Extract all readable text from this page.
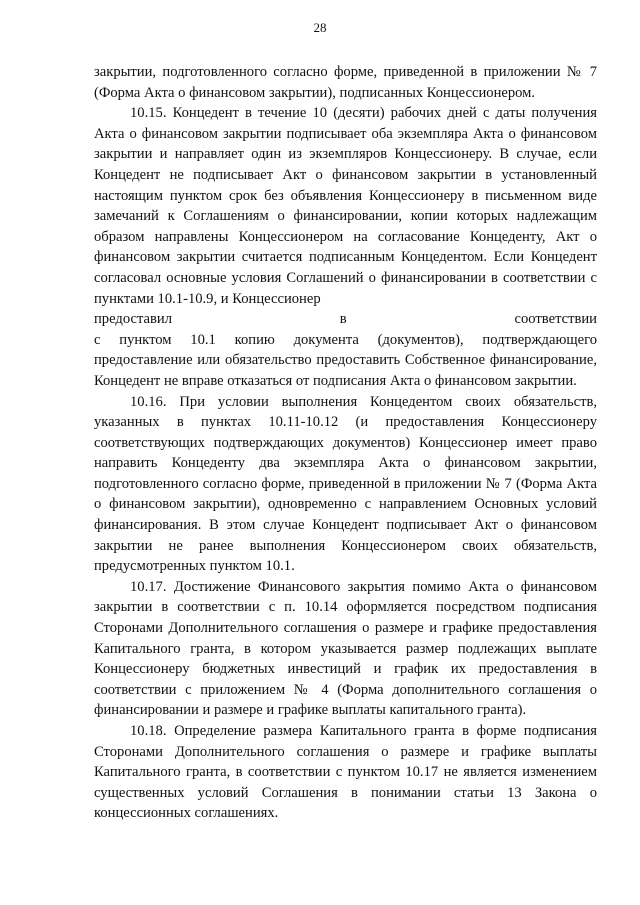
28

закрытии, подготовленного согласно форме, приведенной в приложении № 7 (Форма Акта о финансовом закрытии), подписанных Концессионером.

10.15. Концедент в течение 10 (десяти) рабочих дней с даты получения Акта о финансовом закрытии подписывает оба экземпляра Акта о финансовом закрытии и направляет один из экземпляров Концессионеру. В случае, если Концедент не подписывает Акт о финансовом закрытии в установленный настоящим пунктом срок без объявления Концессионеру в письменном виде замечаний к Соглашениям о финансировании, копии которых надлежащим образом направлены Концессионером на согласование Концеденту, Акт о финансовом закрытии считается подписанным Концедентом. Если Концедент согласовал основные условия Соглашений о финансировании в соответствии с пунктами 10.1-10.9, и Концессионер

предоставил в соответствии

с пунктом 10.1 копию документа (документов), подтверждающего предоставление или обязательство предоставить Собственное финансирование, Концедент не вправе отказаться от подписания Акта о финансовом закрытии.

10.16. При условии выполнения Концедентом своих обязательств, указанных в пунктах 10.11-10.12 (и предоставления Концессионеру соответствующих подтверждающих документов) Концессионер имеет право направить Концеденту два экземпляра Акта о финансовом закрытии, подготовленного согласно форме, приведенной в приложении № 7 (Форма Акта о финансовом закрытии), одновременно с направлением Основных условий финансирования. В этом случае Концедент подписывает Акт о финансовом закрытии не ранее выполнения Концессионером своих обязательств, предусмотренных пунктом 10.1.

10.17. Достижение Финансового закрытия помимо Акта о финансовом закрытии в соответствии с п. 10.14 оформляется посредством подписания Сторонами Дополнительного соглашения о размере и графике предоставления Капитального гранта, в котором указывается размер подлежащих выплате Концессионеру бюджетных инвестиций и график их предоставления в соответствии с приложением № 4 (Форма дополнительного соглашения о финансировании и размере и графике выплаты капитального гранта).

10.18. Определение размера Капитального гранта в форме подписания Сторонами Дополнительного соглашения о размере и графике выплаты Капитального гранта, в соответствии с пунктом 10.17 не является изменением существенных условий Соглашения в понимании статьи 13 Закона о концессионных соглашениях.
